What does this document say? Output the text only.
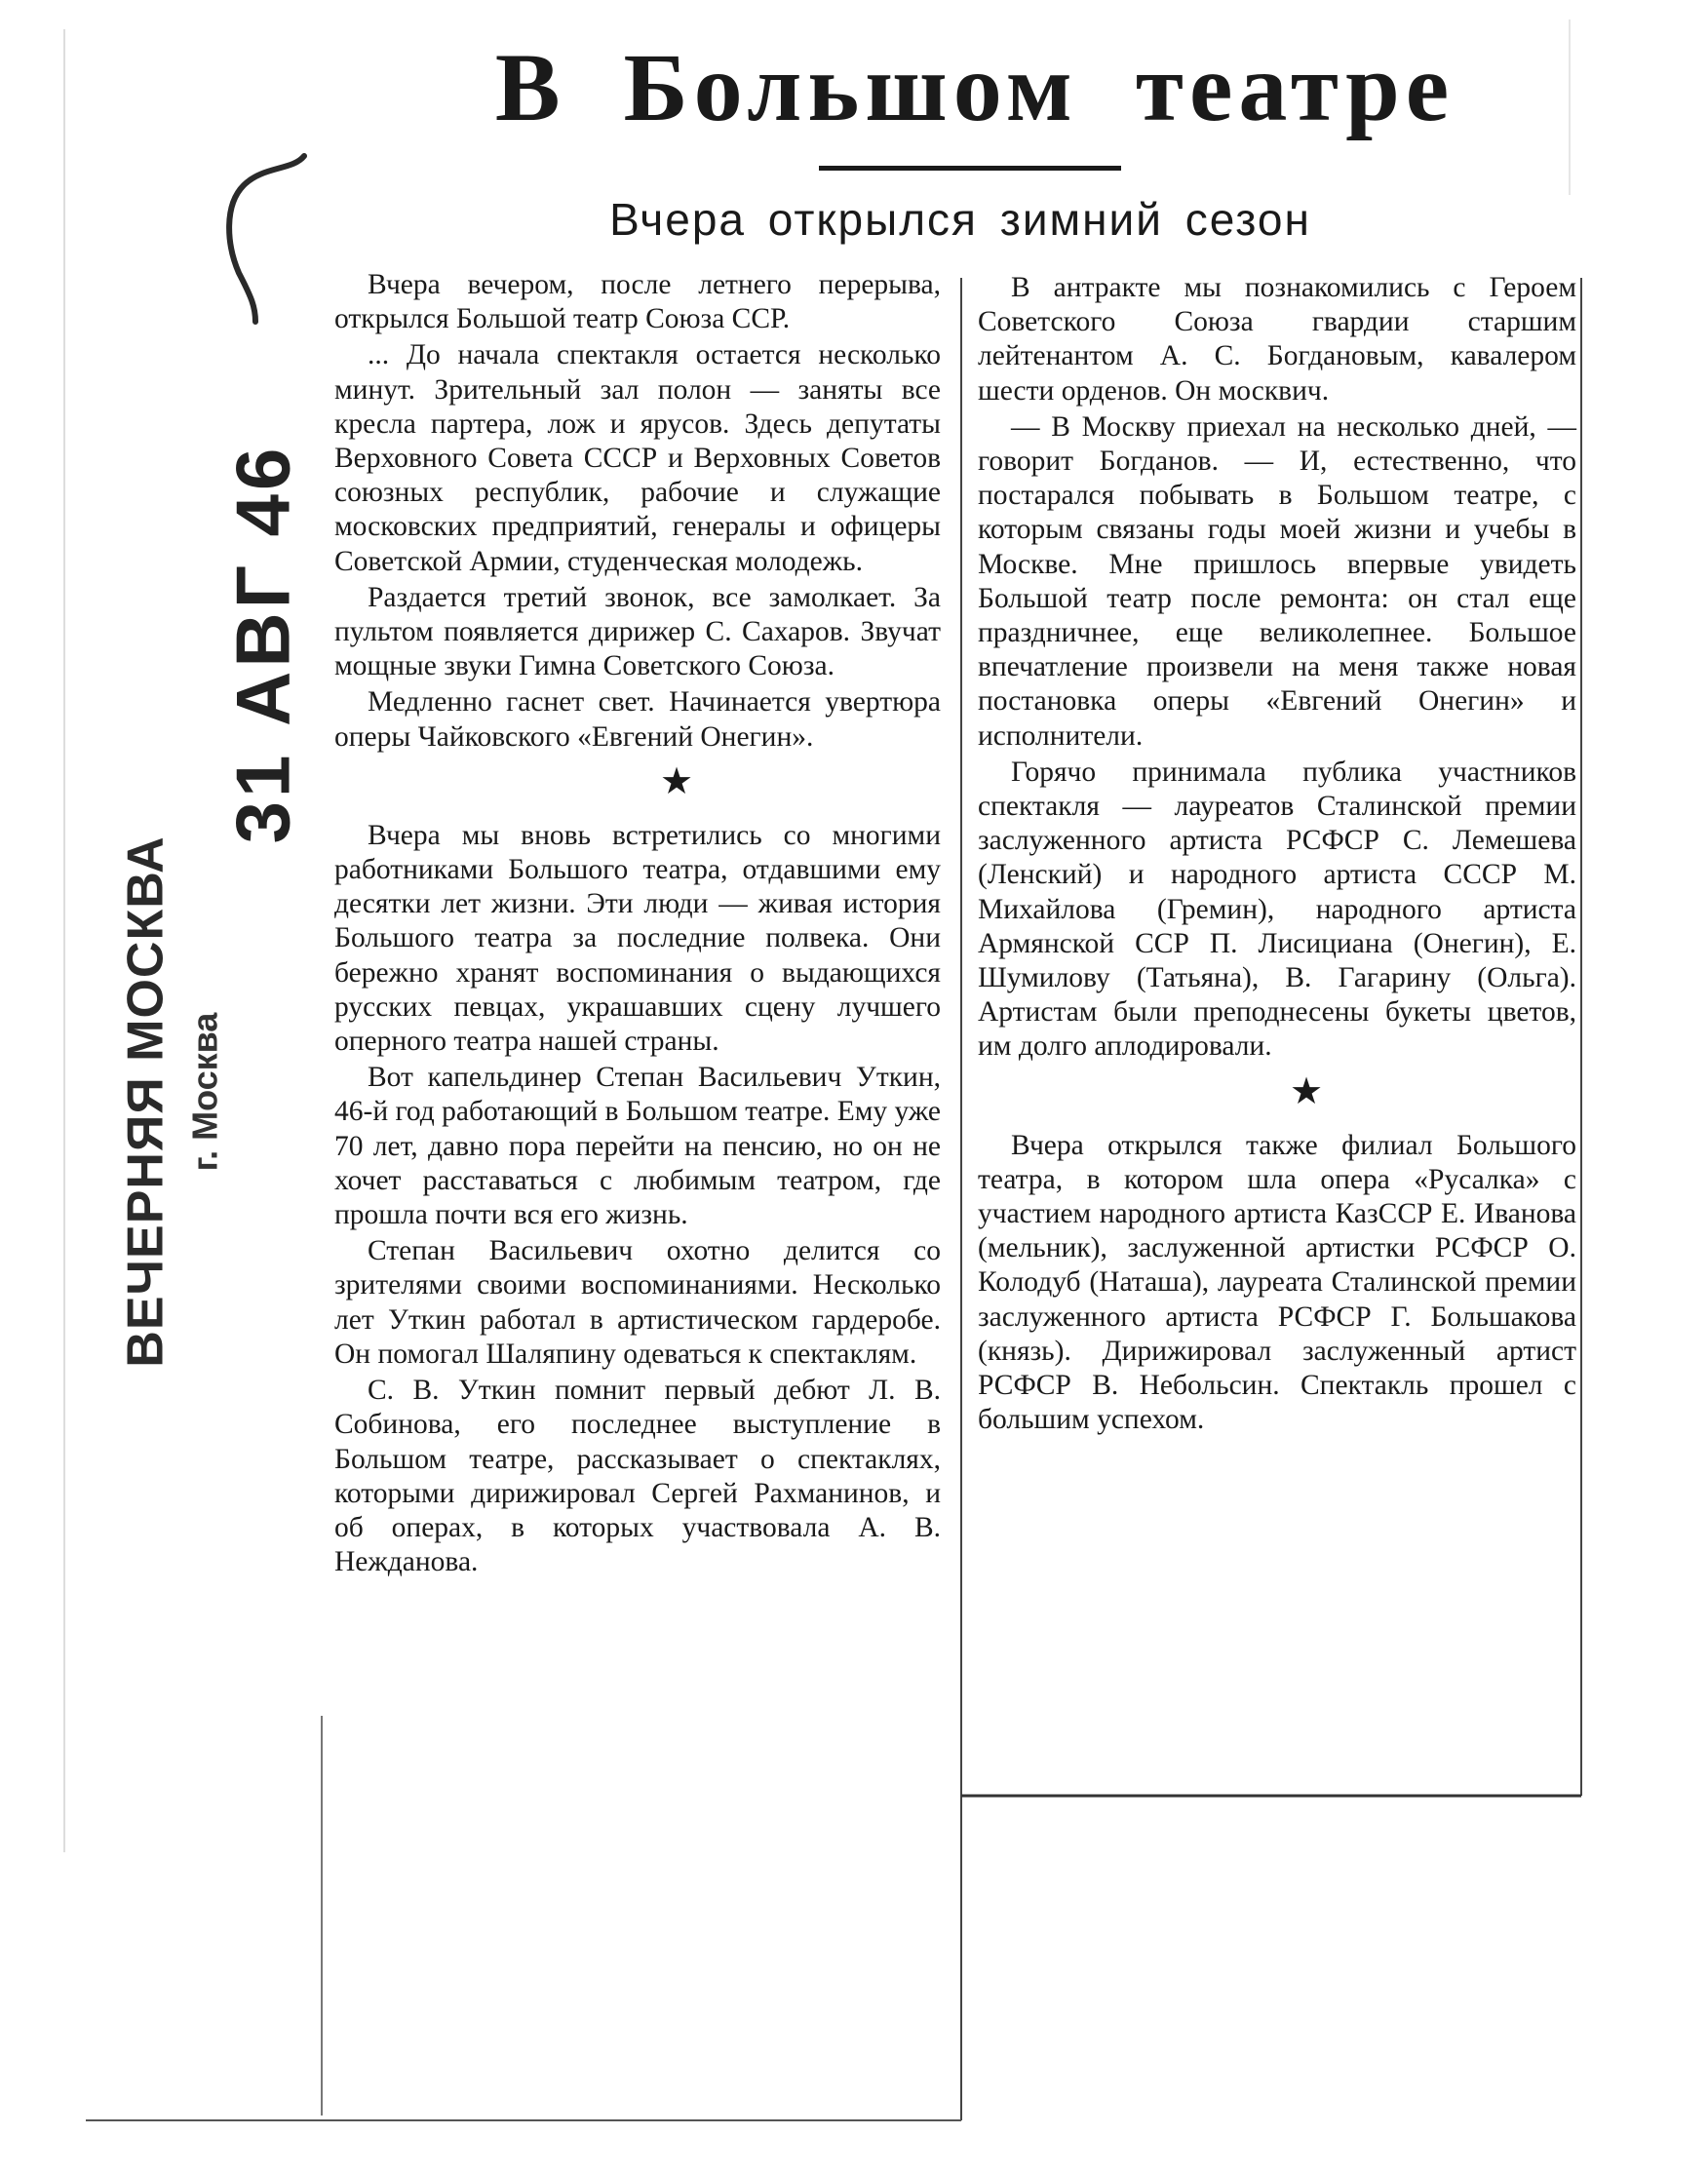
В Большом театре
Вчера открылся зимний сезон

Вчера вечером, после летнего перерыва, открылся Большой театр Союза ССР.

... До начала спектакля остается несколько минут. Зрительный зал полон — заняты все кресла партера, лож и ярусов. Здесь депутаты Верховного Совета СССР и Верховных Советов союзных республик, рабочие и служащие московских предприятий, генералы и офицеры Советской Армии, студенческая молодежь.

Раздается третий звонок, все замолкает. За пультом появляется дирижер С. Сахаров. Звучат мощные звуки Гимна Советского Союза.

Медленно гаснет свет. Начинается увертюра оперы Чайковского «Евгений Онегин».

★

Вчера мы вновь встретились со многими работниками Большого театра, отдавшими ему десятки лет жизни. Эти люди — живая история Большого театра за последние полвека. Они бережно хранят воспоминания о выдающихся русских певцах, украшавших сцену лучшего оперного театра нашей страны.

Вот капельдинер Степан Васильевич Уткин, 46-й год работающий в Большом театре. Ему уже 70 лет, давно пора перейти на пенсию, но он не хочет расставаться с любимым театром, где прошла почти вся его жизнь.

Степан Васильевич охотно делится со зрителями своими воспоминаниями. Несколько лет Уткин работал в артистическом гардеробе. Он помогал Шаляпину одеваться к спектаклям.

С. В. Уткин помнит первый дебют Л. В. Собинова, его последнее выступление в Большом театре, рассказывает о спектаклях, которыми дирижировал Сергей Рахманинов, и об операх, в которых участвовала А. В. Нежданова.

В антракте мы познакомились с Героем Советского Союза гвардии старшим лейтенантом А. С. Богдановым, кавалером шести орденов. Он москвич.

— В Москву приехал на несколько дней, — говорит Богданов. — И, естественно, что постарался побывать в Большом театре, с которым связаны годы моей жизни и учебы в Москве. Мне пришлось впервые увидеть Большой театр после ремонта: он стал еще праздничнее, еще великолепнее. Большое впечатление произвели на меня также новая постановка оперы «Евгений Онегин» и исполнители.

Горячо принимала публика участников спектакля — лауреатов Сталинской премии заслуженного артиста РСФСР С. Лемешева (Ленский) и народного артиста СССР М. Михайлова (Гремин), народного артиста Армянской ССР П. Лисициана (Онегин), Е. Шумилову (Татьяна), В. Гагарину (Ольга). Артистам были преподнесены букеты цветов, им долго аплодировали.

★

Вчера открылся также филиал Большого театра, в котором шла опера «Русалка» с участием народного артиста КазССР Е. Иванова (мельник), заслуженной артистки РСФСР О. Колодуб (Наташа), лауреата Сталинской премии заслуженного артиста РСФСР Г. Большакова (князь). Дирижировал заслуженный артист РСФСР В. Небольсин. Спектакль прошел с большим успехом.

31 АВГ 46
ВЕЧЕРНЯЯ МОСКВА г. Москва
